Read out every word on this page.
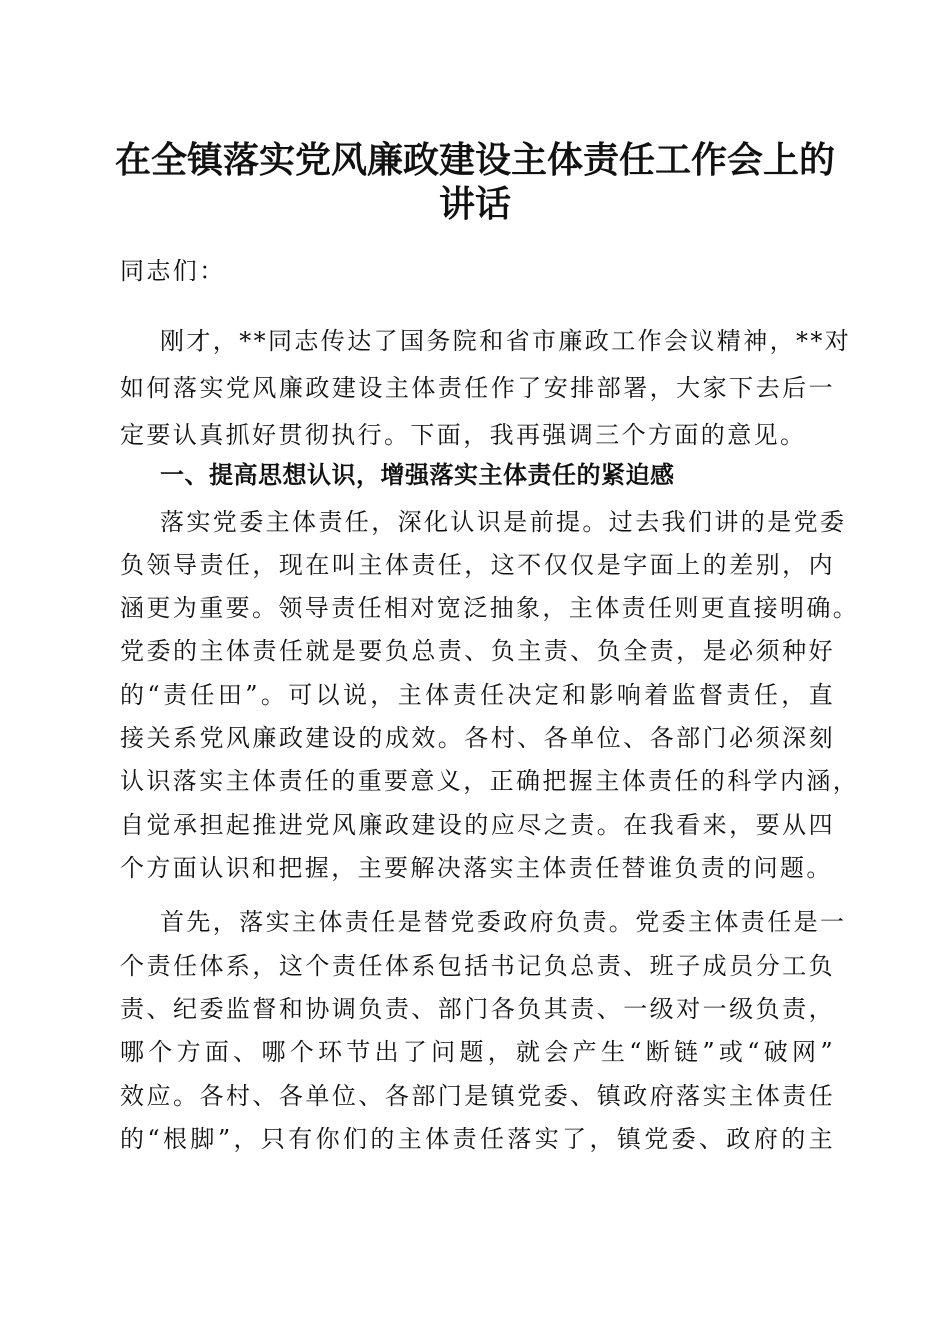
在全镇落实党风廉政建设主体责任工作会上的
讲话

同志们：

刚才，**同志传达了国务院和省市廉政工作会议精神，**对

如何落实党风廉政建设主体责任作了安排部署，大家下去后一

定要认真抓好贯彻执行。下面，我再强调三个方面的意见。

一、提高思想认识，增强落实主体责任的紧迫感

落实党委主体责任，深化认识是前提。过去我们讲的是党委

负领导责任，现在叫主体责任，这不仅仅是字面上的差别，内

涵更为重要。领导责任相对宽泛抽象，主体责任则更直接明确。

党委的主体责任就是要负总责、负主责、负全责，是必须种好

的“责任田”。可以说，主体责任决定和影响着监督责任，直

接关系党风廉政建设的成效。各村、各单位、各部门必须深刻

认识落实主体责任的重要意义，正确把握主体责任的科学内涵，

自觉承担起推进党风廉政建设的应尽之责。在我看来，要从四

个方面认识和把握，主要解决落实主体责任替谁负责的问题。

首先，落实主体责任是替党委政府负责。党委主体责任是一

个责任体系，这个责任体系包括书记负总责、班子成员分工负

责、纪委监督和协调负责、部门各负其责、一级对一级负责，

哪个方面、哪个环节出了问题，就会产生“断链”或“破网”

效应。各村、各单位、各部门是镇党委、镇政府落实主体责任

的“根脚”，只有你们的主体责任落实了，镇党委、政府的主
